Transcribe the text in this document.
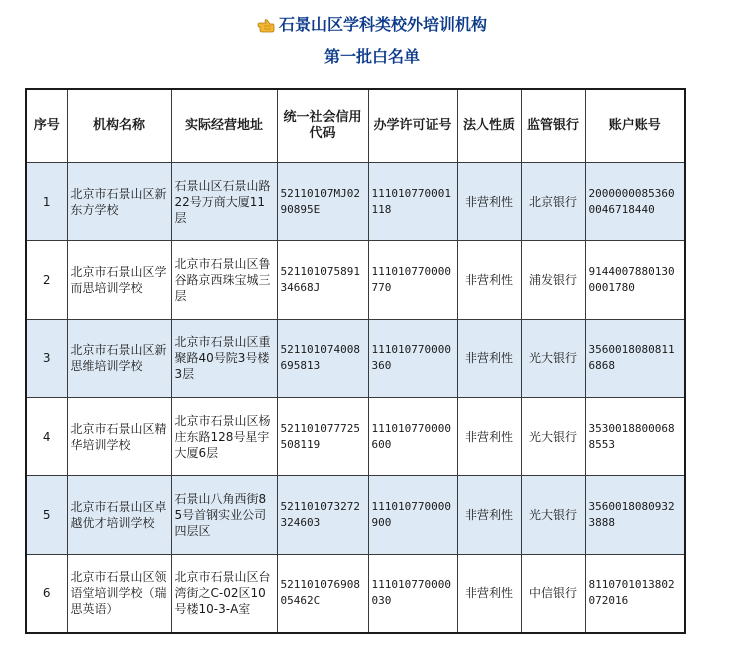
石景山区学科类校外培训机构
第一批白名单
序号	机构名称	实际经营地址	统一社会信用代码	办学许可证号	法人性质	监管银行	账户账号
1	北京市石景山区新东方学校	石景山区石景山路22号万商大厦11层	52110107MJ0290895E	111010770001118	非营利性	北京银行	20000000853600046718440
2	北京市石景山区学而思培训学校	北京市石景山区鲁谷路京西珠宝城三层	52110107589134668J	111010770000770	非营利性	浦发银行	91440078801300001780
3	北京市石景山区新思维培训学校	北京市石景山区重聚路40号院3号楼3层	521101074008695813	111010770000360	非营利性	光大银行	35600180808116868
4	北京市石景山区精华培训学校	北京市石景山区杨庄东路128号星宇大厦6层	521101077725508119	111010770000600	非营利性	光大银行	35300188000688553
5	北京市石景山区卓越优才培训学校	石景山八角西街85号首钢实业公司四层区	521101073272324603	111010770000900	非营利性	光大银行	35600180809323888
6	北京市石景山区领语堂培训学校（瑞思英语）	北京市石景山区台湾街之C-02区10号楼10-3-A室	52110107690805462C	111010770000030	非营利性	中信银行	8110701013802072016
